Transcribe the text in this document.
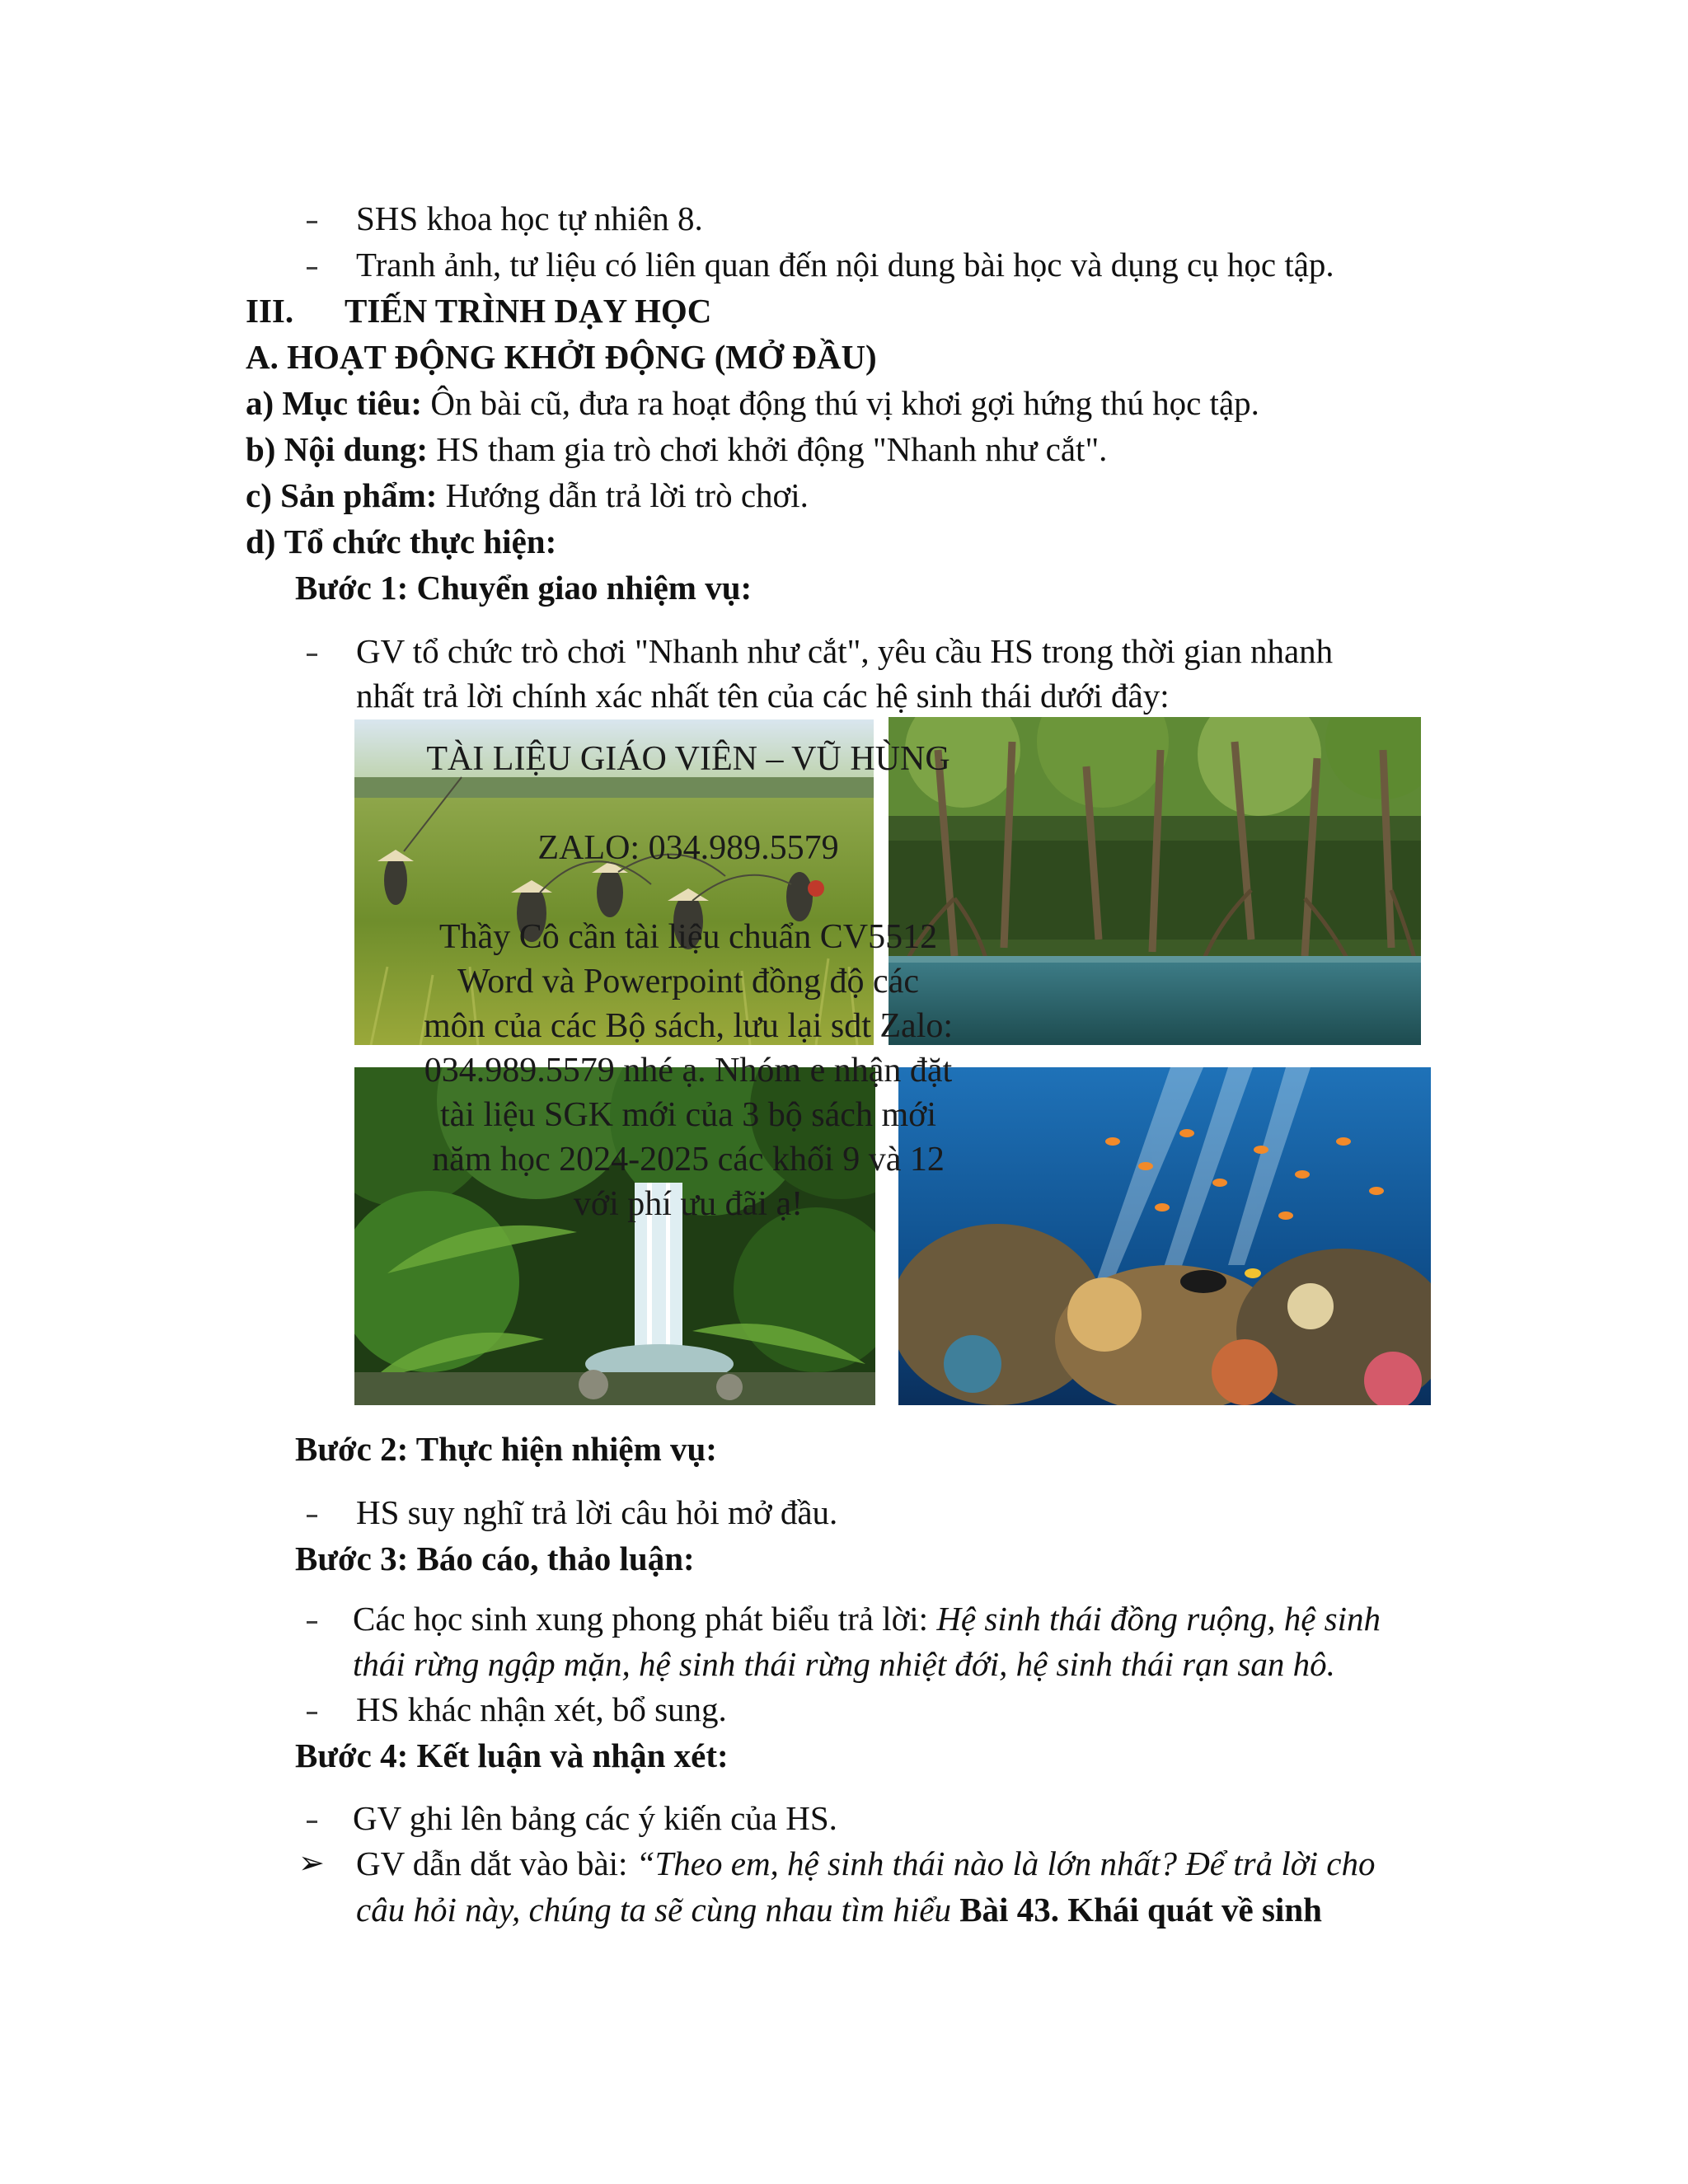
SHS khoa học tự nhiên 8.
Tranh ảnh, tư liệu có liên quan đến nội dung bài học và dụng cụ học tập.
III. TIẾN TRÌNH DẠY HỌC
A. HOẠT ĐỘNG KHỞI ĐỘNG (MỞ ĐẦU)
a) Mục tiêu: Ôn bài cũ, đưa ra hoạt động thú vị khơi gợi hứng thú học tập.
b) Nội dung: HS tham gia trò chơi khởi động "Nhanh như cắt".
c) Sản phẩm: Hướng dẫn trả lời trò chơi.
d) Tổ chức thực hiện:
Bước 1: Chuyển giao nhiệm vụ:
GV tổ chức trò chơi "Nhanh như cắt", yêu cầu HS trong thời gian nhanh
nhất trả lời chính xác nhất tên của các hệ sinh thái dưới đây:
TÀI LIỆU GIÁO VIÊN – VŨ HÙNG

ZALO: 034.989.5579

Thầy Cô cần tài liệu chuẩn CV5512
Word và Powerpoint đồng độ các
môn của các Bộ sách, lưu lại sdt Zalo:
034.989.5579 nhé ạ. Nhóm e nhận đặt
tài liệu SGK mới của 3 bộ sách mới
năm học 2024-2025 các khối 9 và 12
với phí ưu đãi ạ!
Bước 2: Thực hiện nhiệm vụ:
HS suy nghĩ trả lời câu hỏi mở đầu.
Bước 3: Báo cáo, thảo luận:
Các học sinh xung phong phát biểu trả lời: Hệ sinh thái đồng ruộng, hệ sinh
thái rừng ngập mặn, hệ sinh thái rừng nhiệt đới, hệ sinh thái rạn san hô.
HS khác nhận xét, bổ sung.
Bước 4: Kết luận và nhận xét:
GV ghi lên bảng các ý kiến của HS.
➢ GV dẫn dắt vào bài: “Theo em, hệ sinh thái nào là lớn nhất? Để trả lời cho
câu hỏi này, chúng ta sẽ cùng nhau tìm hiểu Bài 43. Khái quát về sinh
